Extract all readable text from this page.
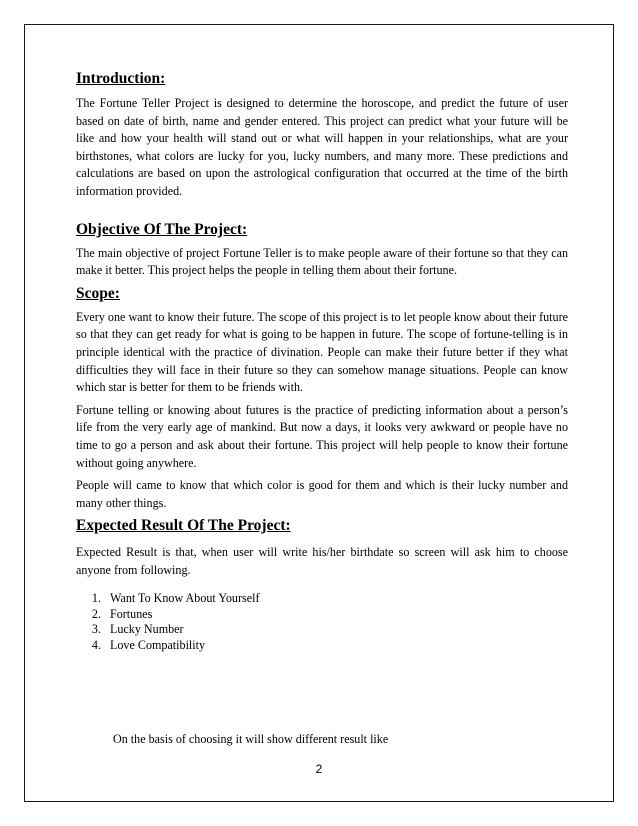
Introduction:

The Fortune Teller Project is designed to determine the horoscope, and predict the future of user based on date of birth, name and gender entered. This project can predict what your future will be like and how your health will stand out or what will happen in your relationships, what are your birthstones, what colors are lucky for you, lucky numbers, and many more. These predictions and calculations are based on upon the astrological configuration that occurred at the time of the birth information provided.

Objective Of The Project:

The main objective of project Fortune Teller is to make people aware of their fortune so that they can make it better. This project helps the people in telling them about their fortune.

Scope:

Every one want to know their future. The scope of this project is to let people know about their future so that they can get ready for what is going to be happen in future. The scope of fortune-telling is in principle identical with the practice of divination. People can make their future better if they what difficulties they will face in their future so they can somehow manage situations. People can know which star is better for them to be friends with.

Fortune telling or knowing about futures is the practice of predicting information about a person’s life from the very early age of mankind. But now a days, it looks very awkward or people have no time to go a person and ask about their fortune. This project will help people to know their fortune without going anywhere.

People will came to know that which color is good for them and which is their lucky number and many other things.

Expected Result Of The Project:

Expected Result is that, when user will write his/her birthdate so screen will ask him to choose anyone from following.

1. Want To Know About Yourself
2. Fortunes
3. Lucky Number
4. Love Compatibility
On the basis of choosing it will show different result like
2
